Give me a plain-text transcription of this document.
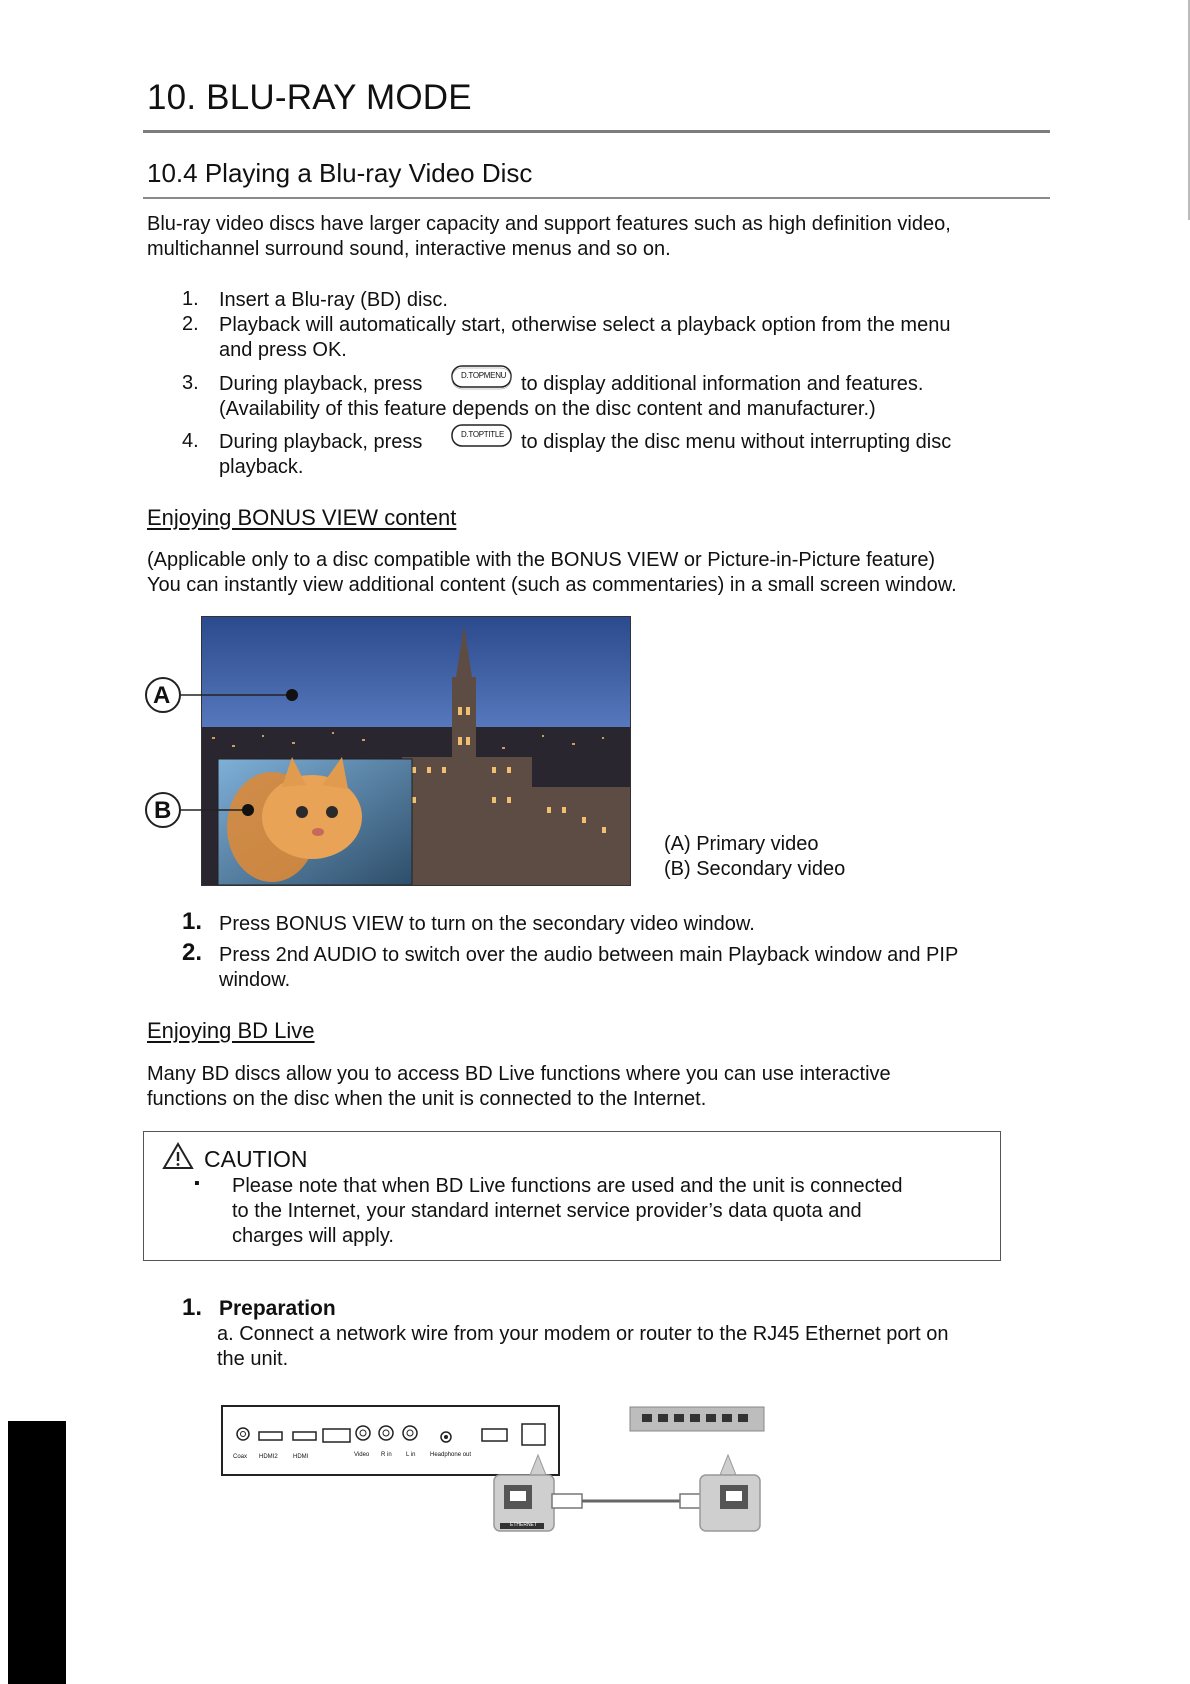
10. BLU-RAY MODE
10.4 Playing a Blu-ray Video Disc
Blu-ray video discs have larger capacity and support features such as high definition video,
multichannel surround sound, interactive menus and so on.
1. Insert a Blu-ray (BD) disc.
2. Playback will automatically start, otherwise select a playback option from the menu
and press OK.
3. During playback, press	D.TOPMENU to display additional information and features.
(Availability of this feature depends on the disc content and manufacturer.)
4. During playback, press	D.TOPTITLE to display the disc menu without interrupting disc
playback.
Enjoying BONUS VIEW content
(Applicable only to a disc compatible with the BONUS VIEW or Picture-in-Picture feature)
You can instantly view additional content (such as commentaries) in a small screen window.
A
B
(A) Primary video
(B) Secondary video
1. Press BONUS VIEW to turn on the secondary video window.
2. Press 2nd AUDIO to switch over the audio between main Playback window and PIP
window.
Enjoying BD Live
Many BD discs allow you to access BD Live functions where you can use interactive
functions on the disc when the unit is connected to the Internet.
CAUTION
▪ Please note that when BD Live functions are used and the unit is connected
to the Internet, your standard internet service provider’s data quota and
charges will apply.
1. Preparation
a. Connect a network wire from your modem or router to the RJ45 Ethernet port on
the unit.
Coax HDMI2	HDMI	Video R in L in Headphone out
ETHERNET
